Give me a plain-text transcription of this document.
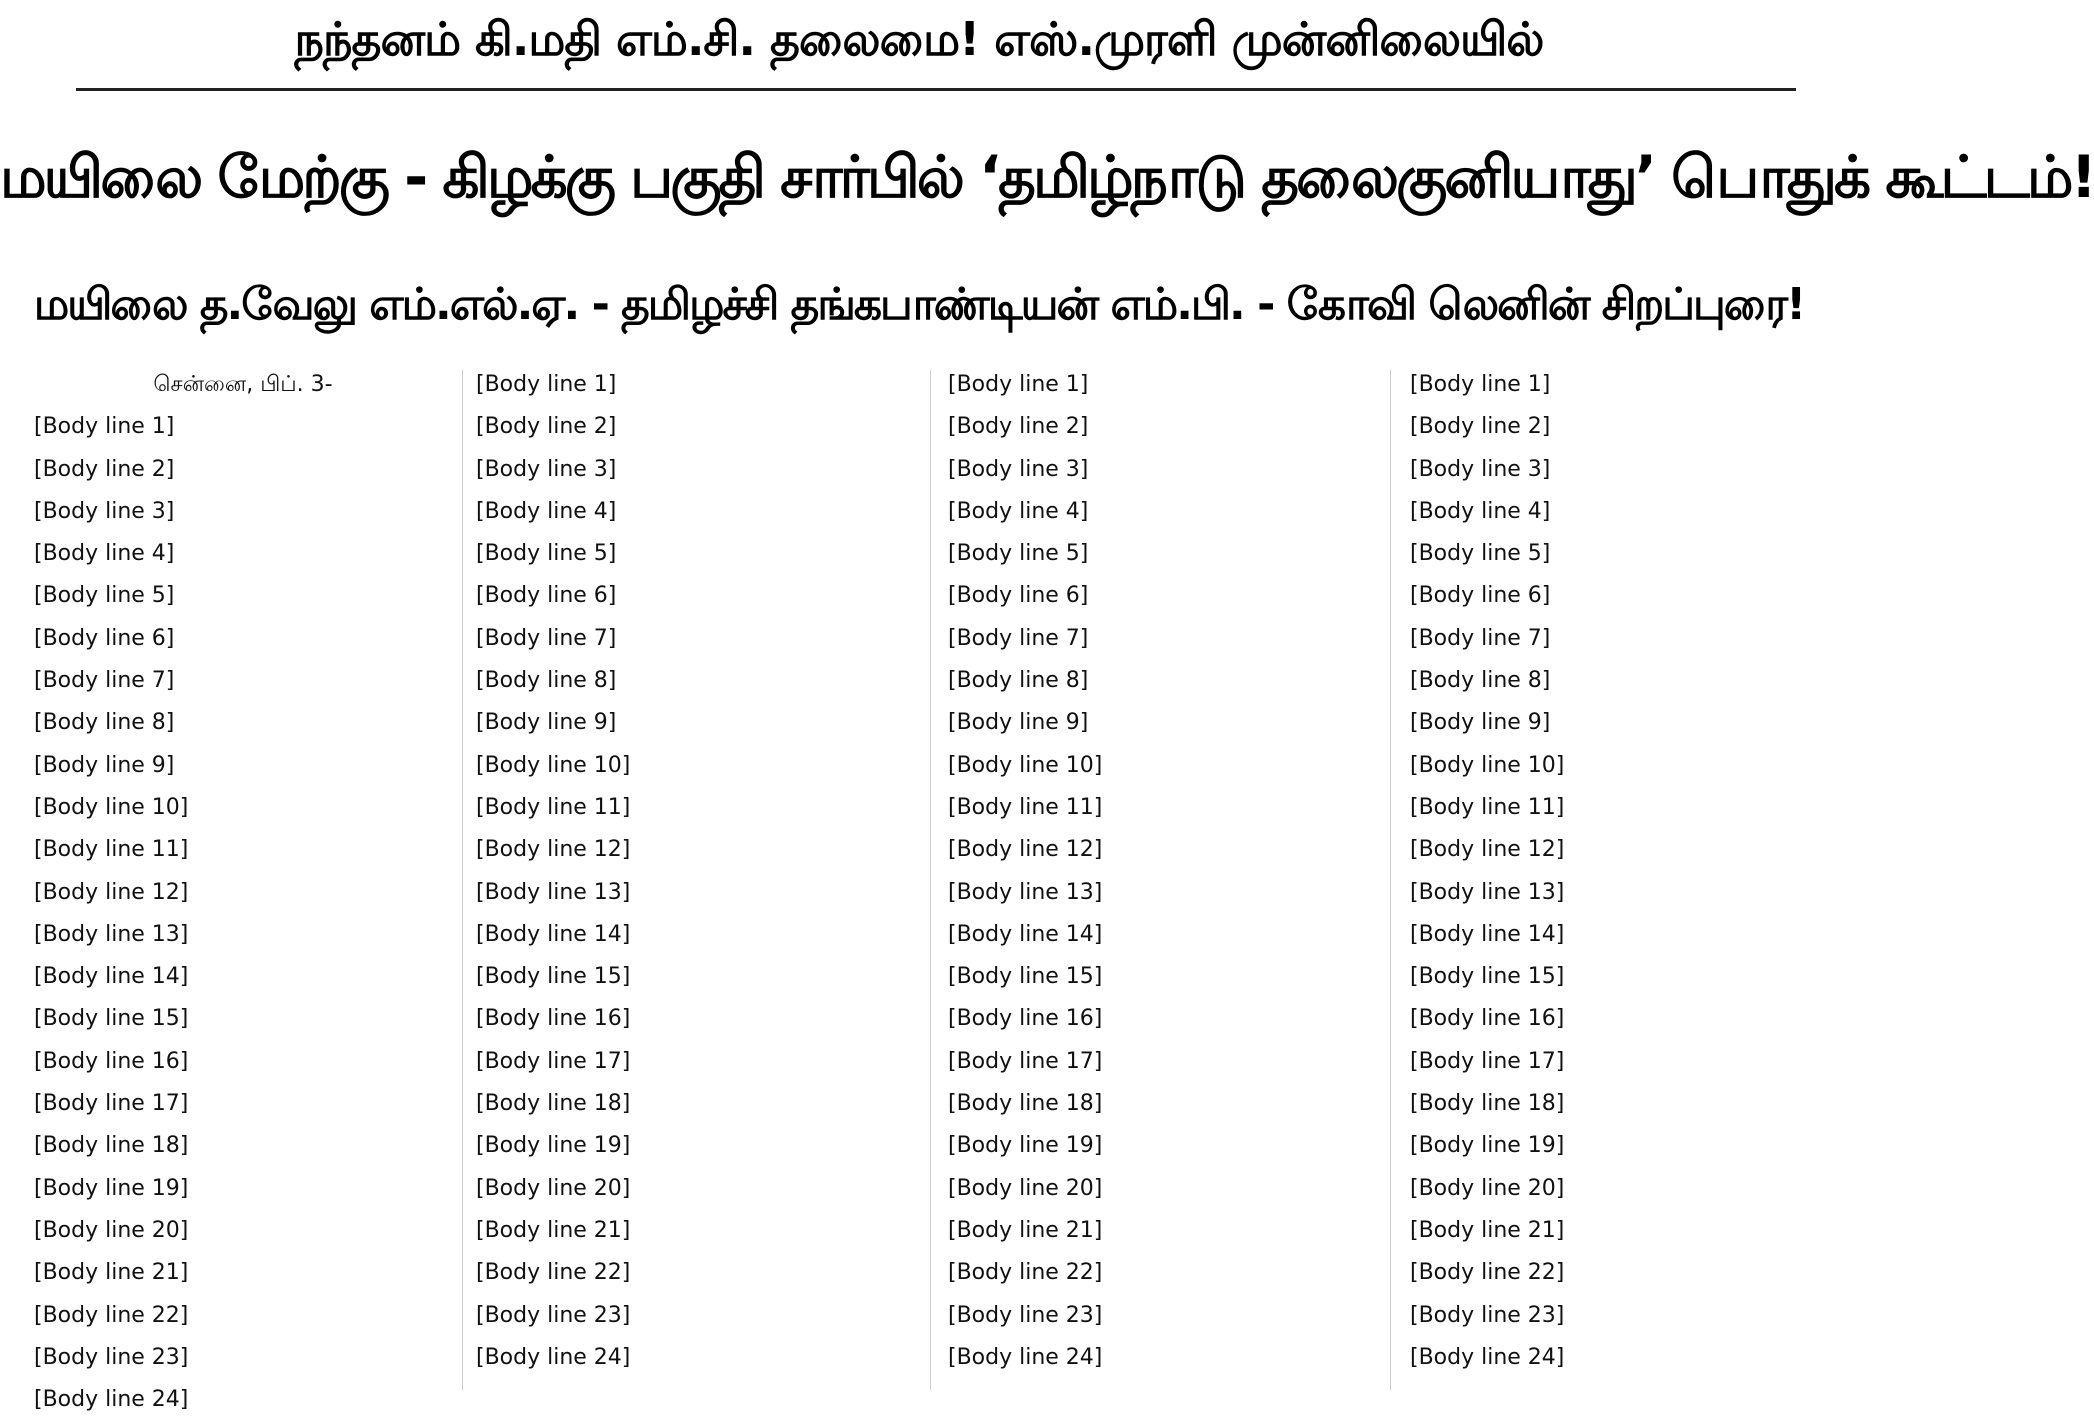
நந்தனம் கி.மதி எம்.சி. தலைமை! எஸ்.முரளி முன்னிலையில்
மயிலை மேற்கு - கிழக்கு பகுதி சார்பில் ‘தமிழ்நாடு தலைகுனியாது’ பொதுக் கூட்டம்!
மயிலை த.வேலு எம்.எல்.ஏ. - தமிழச்சி தங்கபாண்டியன் எம்.பி. - கோவி லெனின் சிறப்புரை!
சென்னை, பிப். 3-
[Body line 1]
[Body line 2]
[Body line 3]
[Body line 4]
[Body line 5]
[Body line 6]
[Body line 7]
[Body line 8]
[Body line 9]
[Body line 10]
[Body line 11]
[Body line 12]
[Body line 13]
[Body line 14]
[Body line 15]
[Body line 16]
[Body line 17]
[Body line 18]
[Body line 19]
[Body line 20]
[Body line 21]
[Body line 22]
[Body line 23]
[Body line 24]
[Body line 1]
[Body line 2]
[Body line 3]
[Body line 4]
[Body line 5]
[Body line 6]
[Body line 7]
[Body line 8]
[Body line 9]
[Body line 10]
[Body line 11]
[Body line 12]
[Body line 13]
[Body line 14]
[Body line 15]
[Body line 16]
[Body line 17]
[Body line 18]
[Body line 19]
[Body line 20]
[Body line 21]
[Body line 22]
[Body line 23]
[Body line 24]
[Body line 1]
[Body line 2]
[Body line 3]
[Body line 4]
[Body line 5]
[Body line 6]
[Body line 7]
[Body line 8]
[Body line 9]
[Body line 10]
[Body line 11]
[Body line 12]
[Body line 13]
[Body line 14]
[Body line 15]
[Body line 16]
[Body line 17]
[Body line 18]
[Body line 19]
[Body line 20]
[Body line 21]
[Body line 22]
[Body line 23]
[Body line 24]
[Body line 1]
[Body line 2]
[Body line 3]
[Body line 4]
[Body line 5]
[Body line 6]
[Body line 7]
[Body line 8]
[Body line 9]
[Body line 10]
[Body line 11]
[Body line 12]
[Body line 13]
[Body line 14]
[Body line 15]
[Body line 16]
[Body line 17]
[Body line 18]
[Body line 19]
[Body line 20]
[Body line 21]
[Body line 22]
[Body line 23]
[Body line 24]
